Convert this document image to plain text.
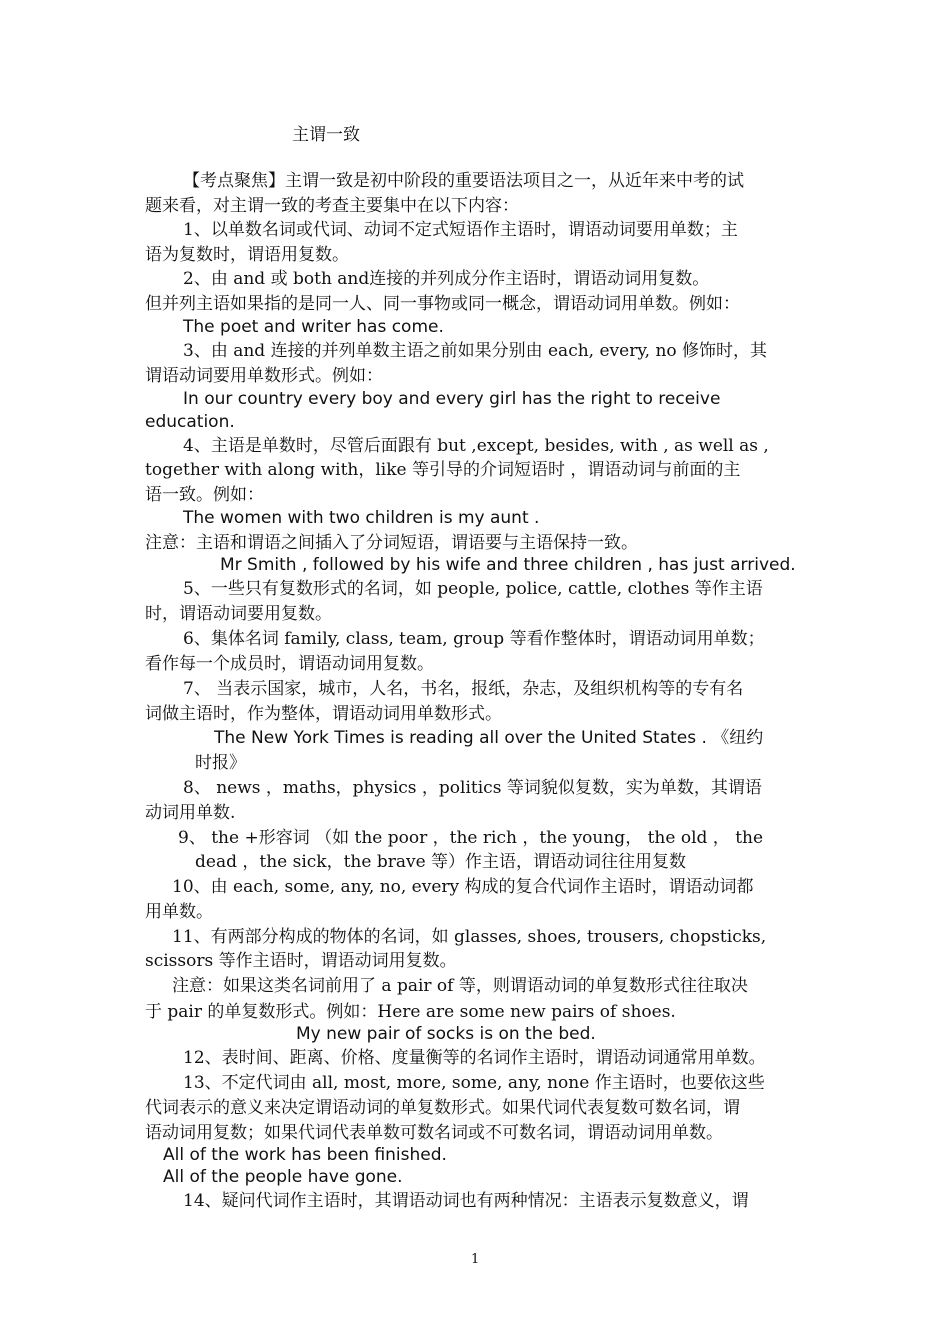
主谓一致
【考点聚焦】主谓一致是初中阶段的重要语法项目之一，从近年来中考的试
题来看，对主谓一致的考查主要集中在以下内容：
1、以单数名词或代词、动词不定式短语作主语时，谓语动词要用单数；主
语为复数时，谓语用复数。
2、由 and 或 both and连接的并列成分作主语时，谓语动词用复数。
但并列主语如果指的是同一人、同一事物或同一概念，谓语动词用单数。例如：
The poet and writer has come.
3、由 and 连接的并列单数主语之前如果分别由 each, every, no 修饰时，其
谓语动词要用单数形式。例如：
In our country every boy and every girl has the right to receive
education.
4、主语是单数时，尽管后面跟有 but ,except, besides, with , as well as ,
together with along with，like 等引导的介词短语时 ，谓语动词与前面的主
语一致。例如：
The women with two children is my aunt .
注意：主语和谓语之间插入了分词短语，谓语要与主语保持一致。
Mr Smith , followed by his wife and three children , has just arrived.
5、一些只有复数形式的名词，如 people, police, cattle, clothes 等作主语
时，谓语动词要用复数。
6、集体名词 family, class, team, group 等看作整体时，谓语动词用单数；
看作每一个成员时，谓语动词用复数。
7、 当表示国家，城市，人名，书名，报纸，杂志，及组织机构等的专有名
词做主语时，作为整体，谓语动词用单数形式。
The New York Times is reading all over the United States . 《纽约
时报》
8、 news ，maths，physics ，politics 等词貌似复数，实为单数，其谓语
动词用单数.
9、 the +形容词 （如 the poor ，the rich ，the young， the old ， the
dead ，the sick，the brave 等）作主语，谓语动词往往用复数
10、由 each, some, any, no, every 构成的复合代词作主语时，谓语动词都
用单数。
11、有两部分构成的物体的名词，如 glasses, shoes, trousers, chopsticks,
scissors 等作主语时，谓语动词用复数。
注意：如果这类名词前用了 a pair of 等，则谓语动词的单复数形式往往取决
于 pair 的单复数形式。例如：Here are some new pairs of shoes.
My new pair of socks is on the bed.
12、表时间、距离、价格、度量衡等的名词作主语时，谓语动词通常用单数。
13、不定代词由 all, most, more, some, any, none 作主语时，也要依这些
代词表示的意义来决定谓语动词的单复数形式。如果代词代表复数可数名词，谓
语动词用复数；如果代词代表单数可数名词或不可数名词，谓语动词用单数。
All of the work has been finished.
All of the people have gone.
14、疑问代词作主语时，其谓语动词也有两种情况：主语表示复数意义，谓
1
